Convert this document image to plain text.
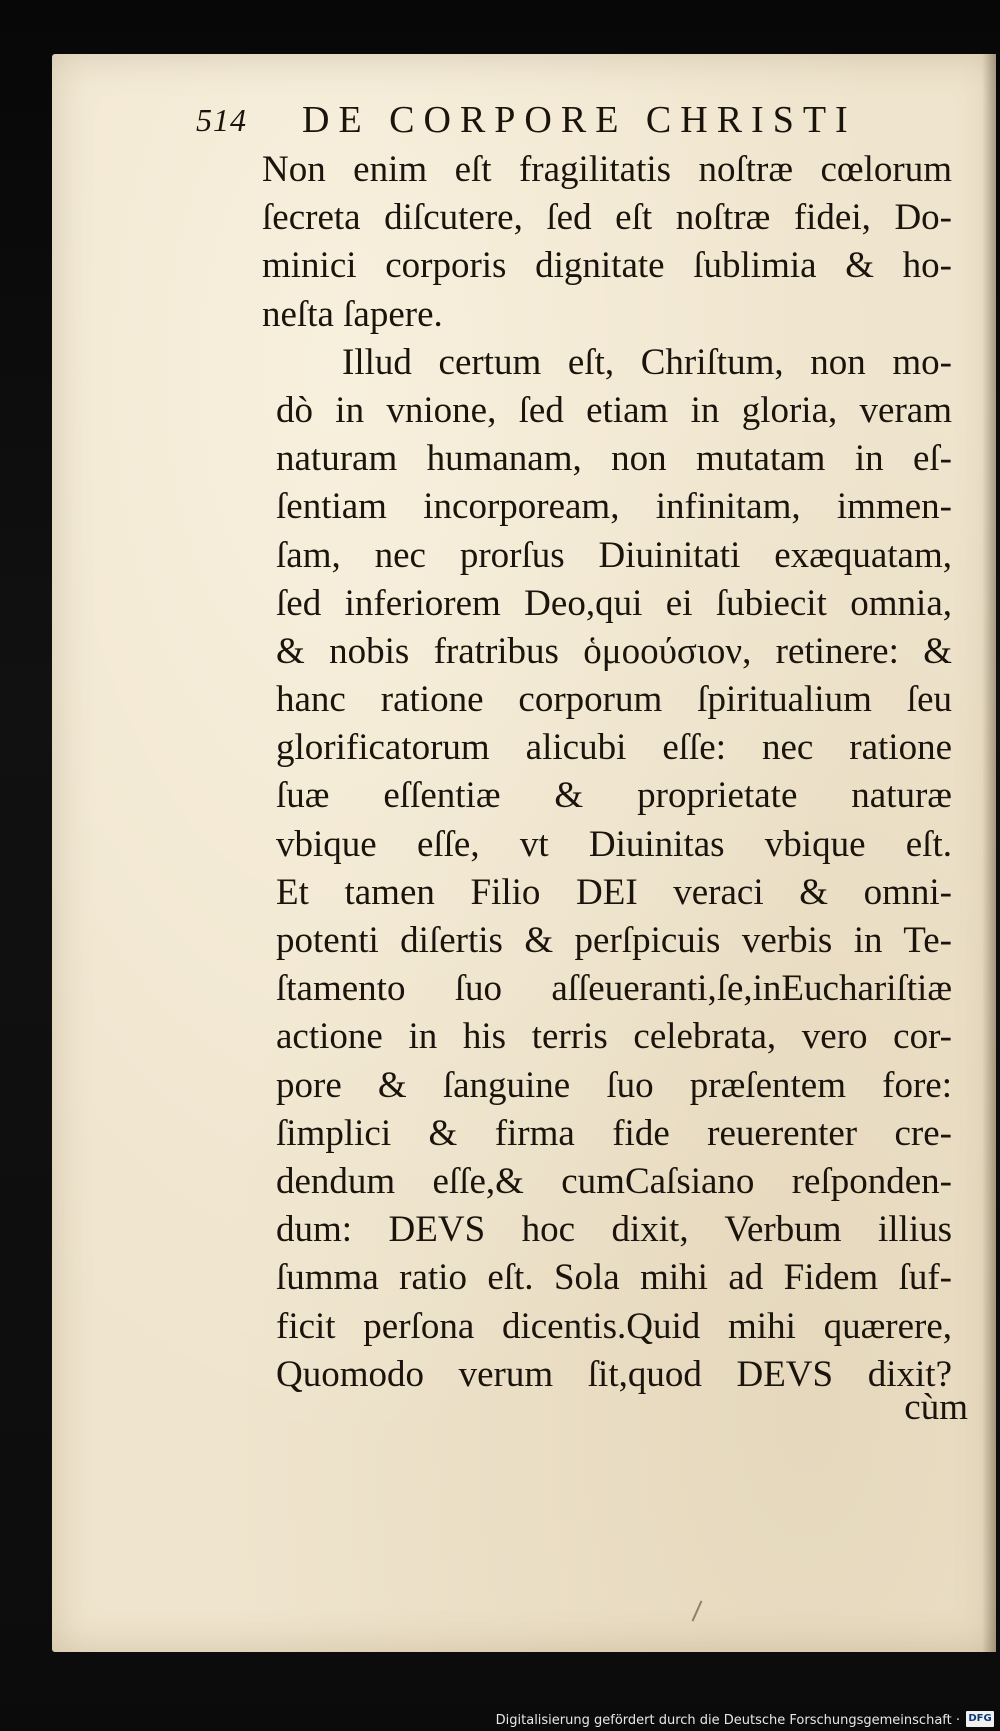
514 DE CORPORE CHRISTI
Non enim eſt fragilitatis noſtræ cœlorum
ſecreta diſcutere, ſed eſt noſtræ fidei, Do-
minici corporis dignitate ſublimia & ho-
neſta ſapere.
Illud certum eſt, Chriſtum, non mo-
dò in vnione, ſed etiam in gloria, veram
naturam humanam, non mutatam in eſ-
ſentiam incorpoream, infinitam, immen-
ſam, nec prorſus Diuinitati exæquatam,
ſed inferiorem Deo,qui ei ſubiecit omnia,
& nobis fratribus ὁμοούσιον, retinere: &
hanc ratione corporum ſpiritualium ſeu
glorificatorum alicubi eſſe: nec ratione
ſuæ eſſentiæ & proprietate naturæ
vbique eſſe, vt Diuinitas vbique eſt.
Et tamen Filio DEI veraci & omni-
potenti diſertis & perſpicuis verbis in Te-
ſtamento ſuo aſſeueranti,ſe,inEuchariſtiæ
actione in his terris celebrata, vero cor-
pore & ſanguine ſuo præſentem fore:
ſimplici & firma fide reuerenter cre-
dendum eſſe,& cumCaſsiano reſponden-
dum: DEVS hoc dixit, Verbum illius
ſumma ratio eſt. Sola mihi ad Fidem ſuf-
ficit perſona dicentis.Quid mihi quærere,
Quomodo verum ſit,quod DEVS dixit?
cùm
Digitalisierung gefördert durch die Deutsche Forschungsgemeinschaft · DFG
